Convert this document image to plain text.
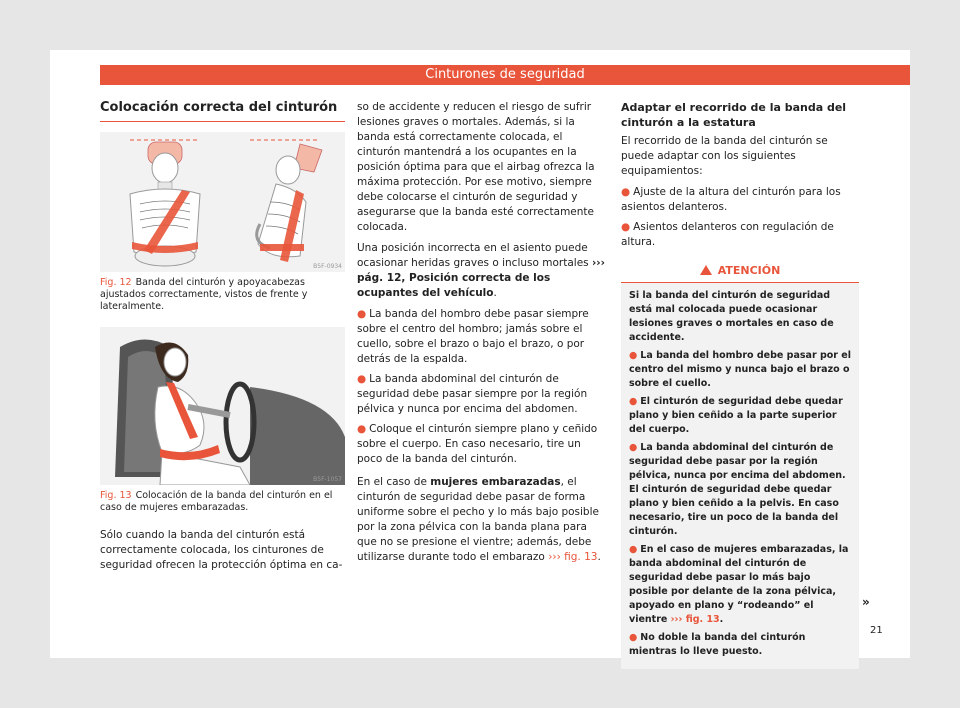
Cinturones de seguridad
Colocación correcta del cinturón
B5F-0934
Fig. 12 Banda del cinturón y apoyacabezas ajustados correctamente, vistos de frente y lateralmente.
B5F-1057
Fig. 13 Colocación de la banda del cinturón en el caso de mujeres embarazadas.

Sólo cuando la banda del cinturón está correctamente colocada, los cinturones de seguridad ofrecen la protección óptima en ca-

so de accidente y reducen el riesgo de sufrir lesiones graves o mortales. Además, si la banda está correctamente colocada, el cinturón mantendrá a los ocupantes en la posición óptima para que el airbag ofrezca la máxima protección. Por ese motivo, siempre debe colocarse el cinturón de seguridad y asegurarse que la banda esté correctamente colocada.

Una posición incorrecta en el asiento puede ocasionar heridas graves o incluso mortales ››› pág. 12, Posición correcta de los ocupantes del vehículo.

● La banda del hombro debe pasar siempre sobre el centro del hombro; jamás sobre el cuello, sobre el brazo o bajo el brazo, o por detrás de la espalda.
● La banda abdominal del cinturón de seguridad debe pasar siempre por la región pélvica y nunca por encima del abdomen.
● Coloque el cinturón siempre plano y ceñido sobre el cuerpo. En caso necesario, tire un poco de la banda del cinturón.

En el caso de mujeres embarazadas, el cinturón de seguridad debe pasar de forma uniforme sobre el pecho y lo más bajo posible por la zona pélvica con la banda plana para que no se presione el vientre; además, debe utilizarse durante todo el embarazo ››› fig. 13.

Adaptar el recorrido de la banda del cinturón a la estatura

El recorrido de la banda del cinturón se puede adaptar con los siguientes equipamientos:

● Ajuste de la altura del cinturón para los asientos delanteros.
● Asientos delanteros con regulación de altura.
ATENCIÓN

Si la banda del cinturón de seguridad está mal colocada puede ocasionar lesiones graves o mortales en caso de accidente.

● La banda del hombro debe pasar por el centro del mismo y nunca bajo el brazo o sobre el cuello.
● El cinturón de seguridad debe quedar plano y bien ceñido a la parte superior del cuerpo.
● La banda abdominal del cinturón de seguridad debe pasar por la región pélvica, nunca por encima del abdomen. El cinturón de seguridad debe quedar plano y bien ceñido a la pelvis. En caso necesario, tire un poco de la banda del cinturón.
● En el caso de mujeres embarazadas, la banda abdominal del cinturón de seguridad debe pasar lo más bajo posible por delante de la zona pélvica, apoyado en plano y “rodeando” el vientre ››› fig. 13.
● No doble la banda del cinturón mientras lo lleve puesto.
»
21
